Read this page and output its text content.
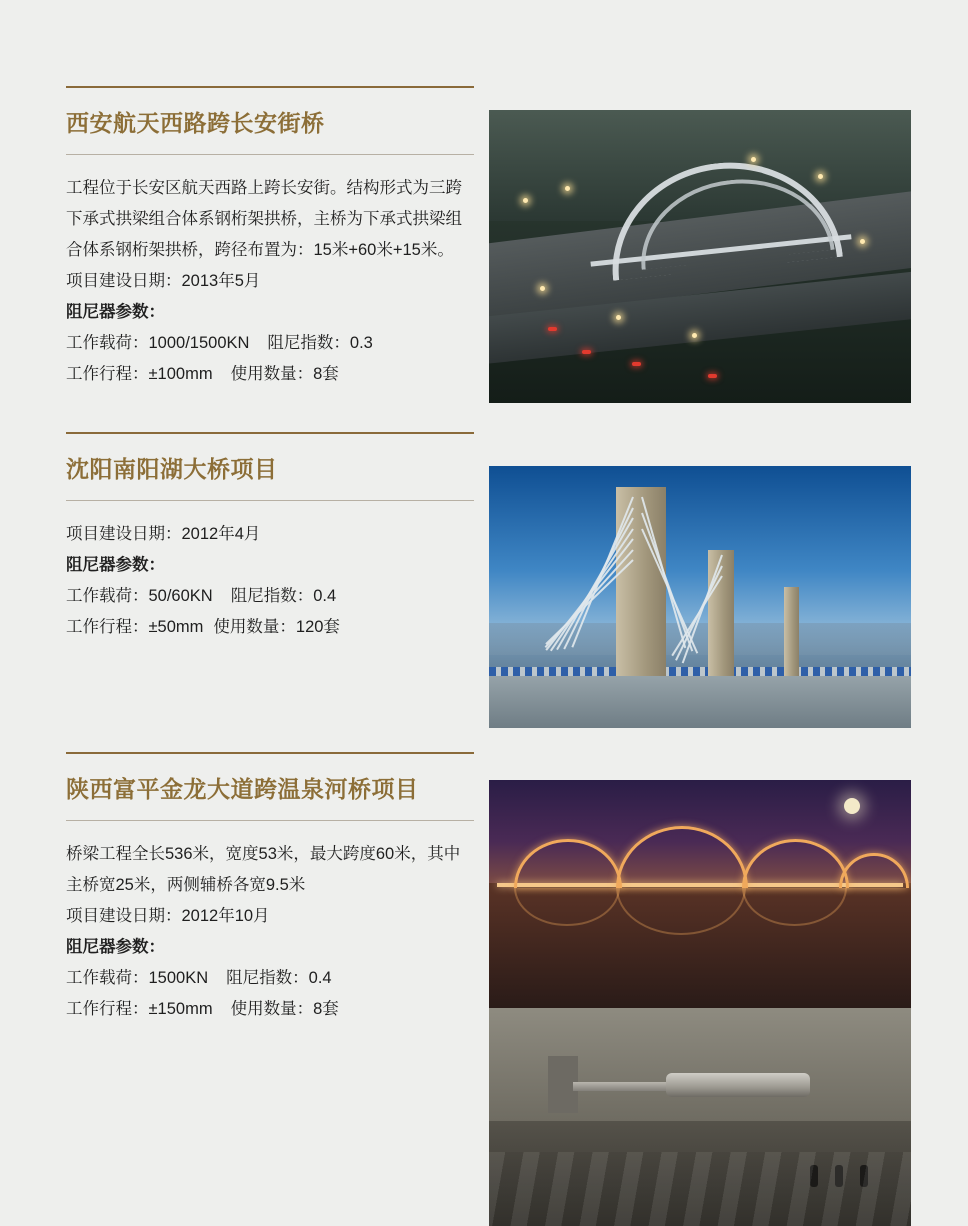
西安航天西路跨长安街桥

工程位于长安区航天西路上跨长安街。结构形式为三跨下承式拱梁组合体系钢桁架拱桥，主桥为下承式拱梁组合体系钢桁架拱桥，跨径布置为：15米+60米+15米。

项目建设日期：2013年5月

阻尼器参数：

工作载荷：1000/1500KN 阻尼指数：0.3

工作行程：±100mm 使用数量：8套

沈阳南阳湖大桥项目

项目建设日期：2012年4月

阻尼器参数：

工作载荷：50/60KN 阻尼指数：0.4

工作行程：±50mm 使用数量：120套

陕西富平金龙大道跨温泉河桥项目

桥梁工程全长536米，宽度53米，最大跨度60米，其中主桥宽25米，两侧辅桥各宽9.5米

项目建设日期：2012年10月

阻尼器参数：

工作载荷：1500KN 阻尼指数：0.4

工作行程：±150mm 使用数量：8套
